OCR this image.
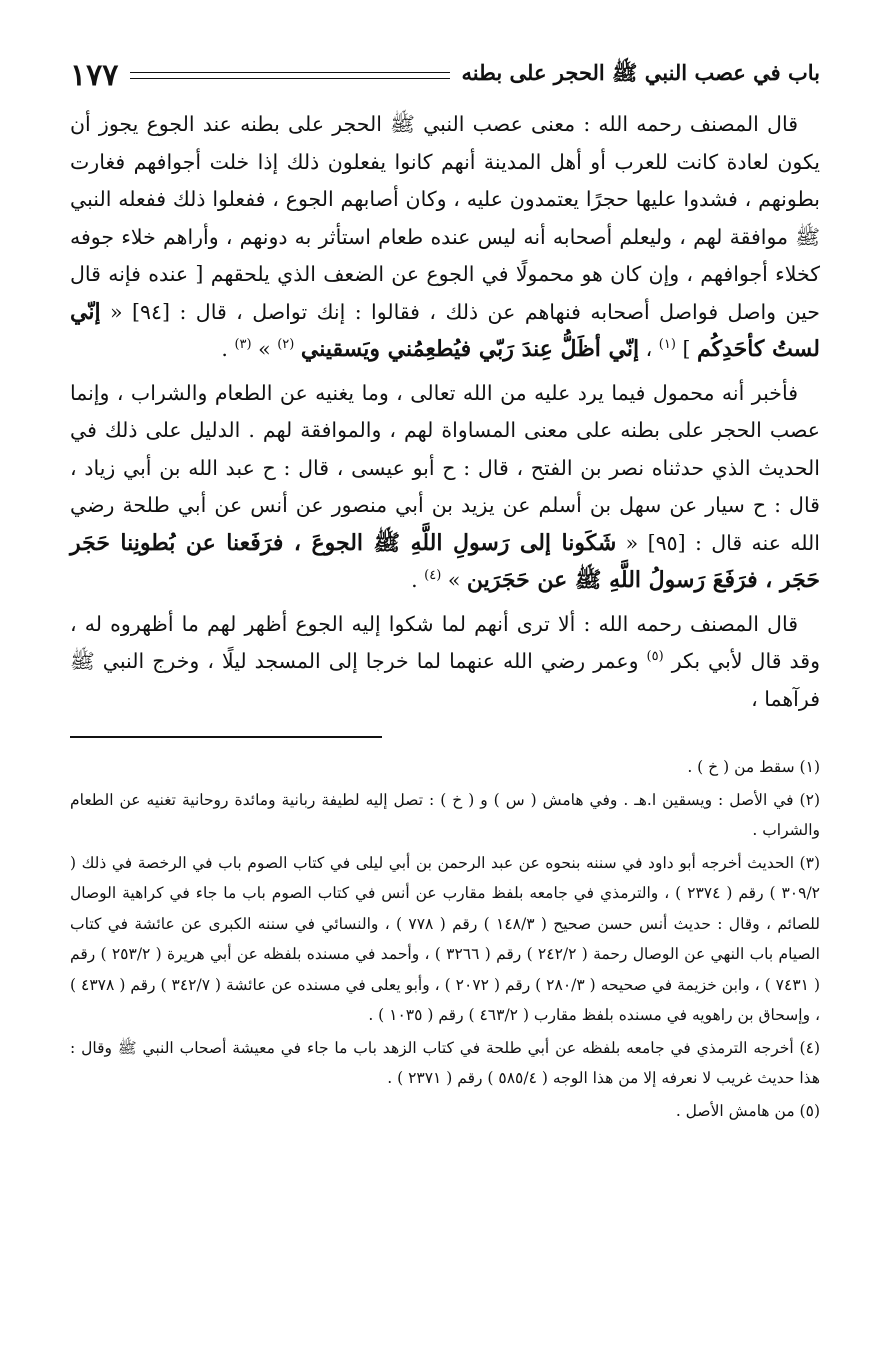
باب في عصب النبي ﷺ الحجر على بطنه
١٧٧

قال المصنف رحمه الله : معنى عصب النبي ﷺ الحجر على بطنه عند الجوع يجوز أن يكون لعادة كانت للعرب أو أهل المدينة أنهم كانوا يفعلون ذلك إذا خلت أجوافهم فغارت بطونهم ، فشدوا عليها حجرًا يعتمدون عليه ، وكان أصابهم الجوع ، ففعلوا ذلك ففعله النبي ﷺ موافقة لهم ، وليعلم أصحابه أنه ليس عنده طعام استأثر به دونهم ، وأراهم خلاء جوفه كخلاء أجوافهم ، وإن كان هو محمولًا في الجوع عن الضعف الذي يلحقهم [ عنده فإنه قال حين واصل فواصل أصحابه فنهاهم عن ذلك ، فقالوا : إنك تواصل ، قال : [٩٤] « إنّي لستُ كأحَدِكُم ] $^{(١)}$ ، إنّي أظَلُّ عِندَ رَبّي فيُطعِمُني ويَسقيني $^{(٢)}$ » $^{(٣)}$ .

فأخبر أنه محمول فيما يرد عليه من الله تعالى ، وما يغنيه عن الطعام والشراب ، وإنما عصب الحجر على بطنه على معنى المساواة لهم ، والموافقة لهم . الدليل على ذلك في الحديث الذي حدثناه نصر بن الفتح ، قال : ح أبو عيسى ، قال : ح عبد الله بن أبي زياد ، قال : ح سيار عن سهل بن أسلم عن يزيد بن أبي منصور عن أنس عن أبي طلحة رضي الله عنه قال : [٩٥] « شَكَونا إلى رَسولِ اللَّهِ ﷺ الجوعَ ، فرَفَعنا عن بُطونِنا حَجَر حَجَر ، فرَفَعَ رَسولُ اللَّهِ ﷺ عن حَجَرَين » $^{(٤)}$ .

قال المصنف رحمه الله : ألا ترى أنهم لما شكوا إليه الجوع أظهر لهم ما أظهروه له ، وقد قال لأبي بكر $^{(٥)}$ وعمر رضي الله عنهما لما خرجا إلى المسجد ليلًا ، وخرج النبي ﷺ فرآهما ،

(١) سقط من ( خ ) .

(٢) في الأصل : ويسقين ا.هـ . وفي هامش ( س ) و ( خ ) : تصل إليه لطيفة ربانية ومائدة روحانية تغنيه عن الطعام والشراب .

(٣) الحديث أخرجه أبو داود في سننه بنحوه عن عبد الرحمن بن أبي ليلى في كتاب الصوم باب في الرخصة في ذلك ( ٣٠٩/٢ ) رقم ( ٢٣٧٤ ) ، والترمذي في جامعه بلفظ مقارب عن أنس في كتاب الصوم باب ما جاء في كراهية الوصال للصائم ، وقال : حديث أنس حسن صحيح ( ١٤٨/٣ ) رقم ( ٧٧٨ ) ، والنسائي في سننه الكبرى عن عائشة في كتاب الصيام باب النهي عن الوصال رحمة ( ٢٤٢/٢ ) رقم ( ٣٢٦٦ ) ، وأحمد في مسنده بلفظه عن أبي هريرة ( ٢٥٣/٢ ) رقم ( ٧٤٣١ ) ، وابن خزيمة في صحيحه ( ٢٨٠/٣ ) رقم ( ٢٠٧٢ ) ، وأبو يعلى في مسنده عن عائشة ( ٣٤٢/٧ ) رقم ( ٤٣٧٨ ) ، وإسحاق بن راهويه في مسنده بلفظ مقارب ( ٤٦٣/٢ ) رقم ( ١٠٣٥ ) .

(٤) أخرجه الترمذي في جامعه بلفظه عن أبي طلحة في كتاب الزهد باب ما جاء في معيشة أصحاب النبي ﷺ وقال : هذا حديث غريب لا نعرفه إلا من هذا الوجه ( ٥٨٥/٤ ) رقم ( ٢٣٧١ ) .

(٥) من هامش الأصل .
